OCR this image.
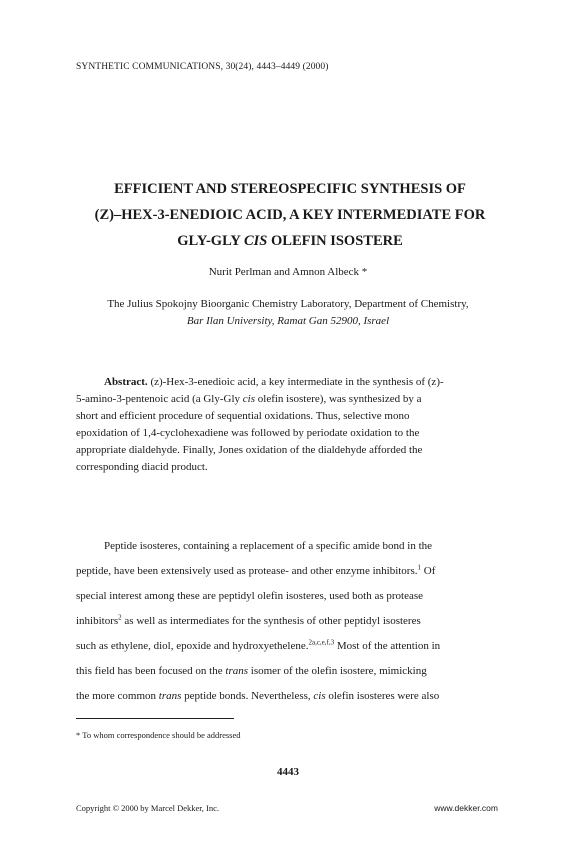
SYNTHETIC COMMUNICATIONS, 30(24), 4443–4449 (2000)
EFFICIENT AND STEREOSPECIFIC SYNTHESIS OF
(Z)–HEX-3-ENEDIOIC ACID, A KEY INTERMEDIATE FOR
GLY-GLY CIS OLEFIN ISOSTERE
Nurit Perlman and Amnon Albeck *
The Julius Spokojny Bioorganic Chemistry Laboratory, Department of Chemistry,
Bar Ilan University, Ramat Gan 52900, Israel
Abstract. (z)-Hex-3-enedioic acid, a key intermediate in the synthesis of (z)-
5-amino-3-pentenoic acid (a Gly-Gly cis olefin isostere), was synthesized by a
short and efficient procedure of sequential oxidations. Thus, selective mono
epoxidation of 1,4-cyclohexadiene was followed by periodate oxidation to the
appropriate dialdehyde. Finally, Jones oxidation of the dialdehyde afforded the
corresponding diacid product.
Peptide isosteres, containing a replacement of a specific amide bond in the
peptide, have been extensively used as protease- and other enzyme inhibitors.$^1$ Of
special interest among these are peptidyl olefin isosteres, used both as protease
inhibitors$^2$ as well as intermediates for the synthesis of other peptidyl isosteres
such as ethylene, diol, epoxide and hydroxyethelene.$^{2a,c,e,f,3}$ Most of the attention in
this field has been focused on the trans isomer of the olefin isostere, mimicking
the more common trans peptide bonds. Nevertheless, cis olefin isosteres were also
* To whom correspondence should be addressed
4443
Copyright © 2000 by Marcel Dekker, Inc.	www.dekker.com
